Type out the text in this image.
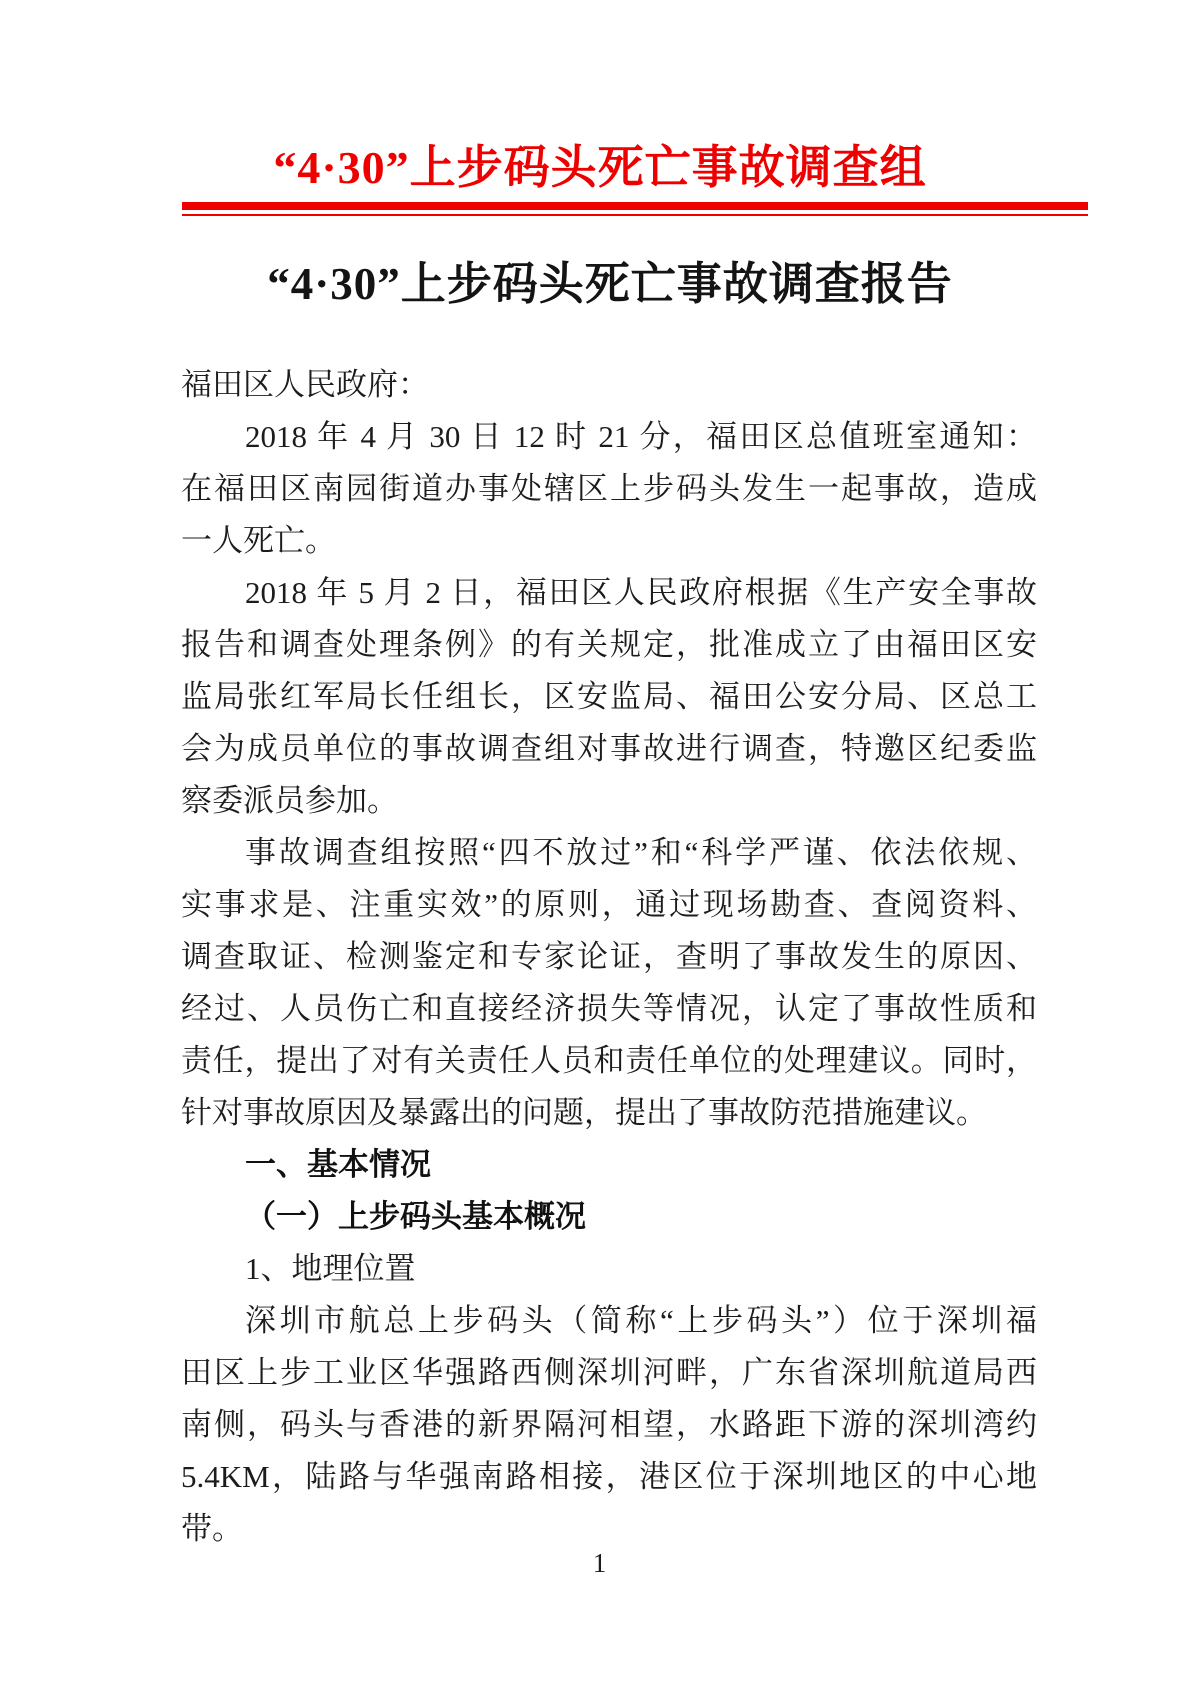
“4·30”上步码头死亡事故调查组
“4·30”上步码头死亡事故调查报告
福田区人民政府：
2018 年 4 月 30 日 12 时 21 分，福田区总值班室通知：
在福田区南园街道办事处辖区上步码头发生一起事故，造成
一人死亡。
2018 年 5 月 2 日，福田区人民政府根据《生产安全事故
报告和调查处理条例》的有关规定，批准成立了由福田区安
监局张红军局长任组长，区安监局、福田公安分局、区总工
会为成员单位的事故调查组对事故进行调查，特邀区纪委监
察委派员参加。
事故调查组按照“四不放过”和“科学严谨、依法依规、
实事求是、注重实效”的原则，通过现场勘查、查阅资料、
调查取证、检测鉴定和专家论证，查明了事故发生的原因、
经过、人员伤亡和直接经济损失等情况，认定了事故性质和
责任，提出了对有关责任人员和责任单位的处理建议。同时，
针对事故原因及暴露出的问题，提出了事故防范措施建议。
一、基本情况
（一）上步码头基本概况
1、地理位置
深圳市航总上步码头（简称“上步码头”）位于深圳福
田区上步工业区华强路西侧深圳河畔，广东省深圳航道局西
南侧，码头与香港的新界隔河相望，水路距下游的深圳湾约
5.4KM，陆路与华强南路相接，港区位于深圳地区的中心地
带。
1
